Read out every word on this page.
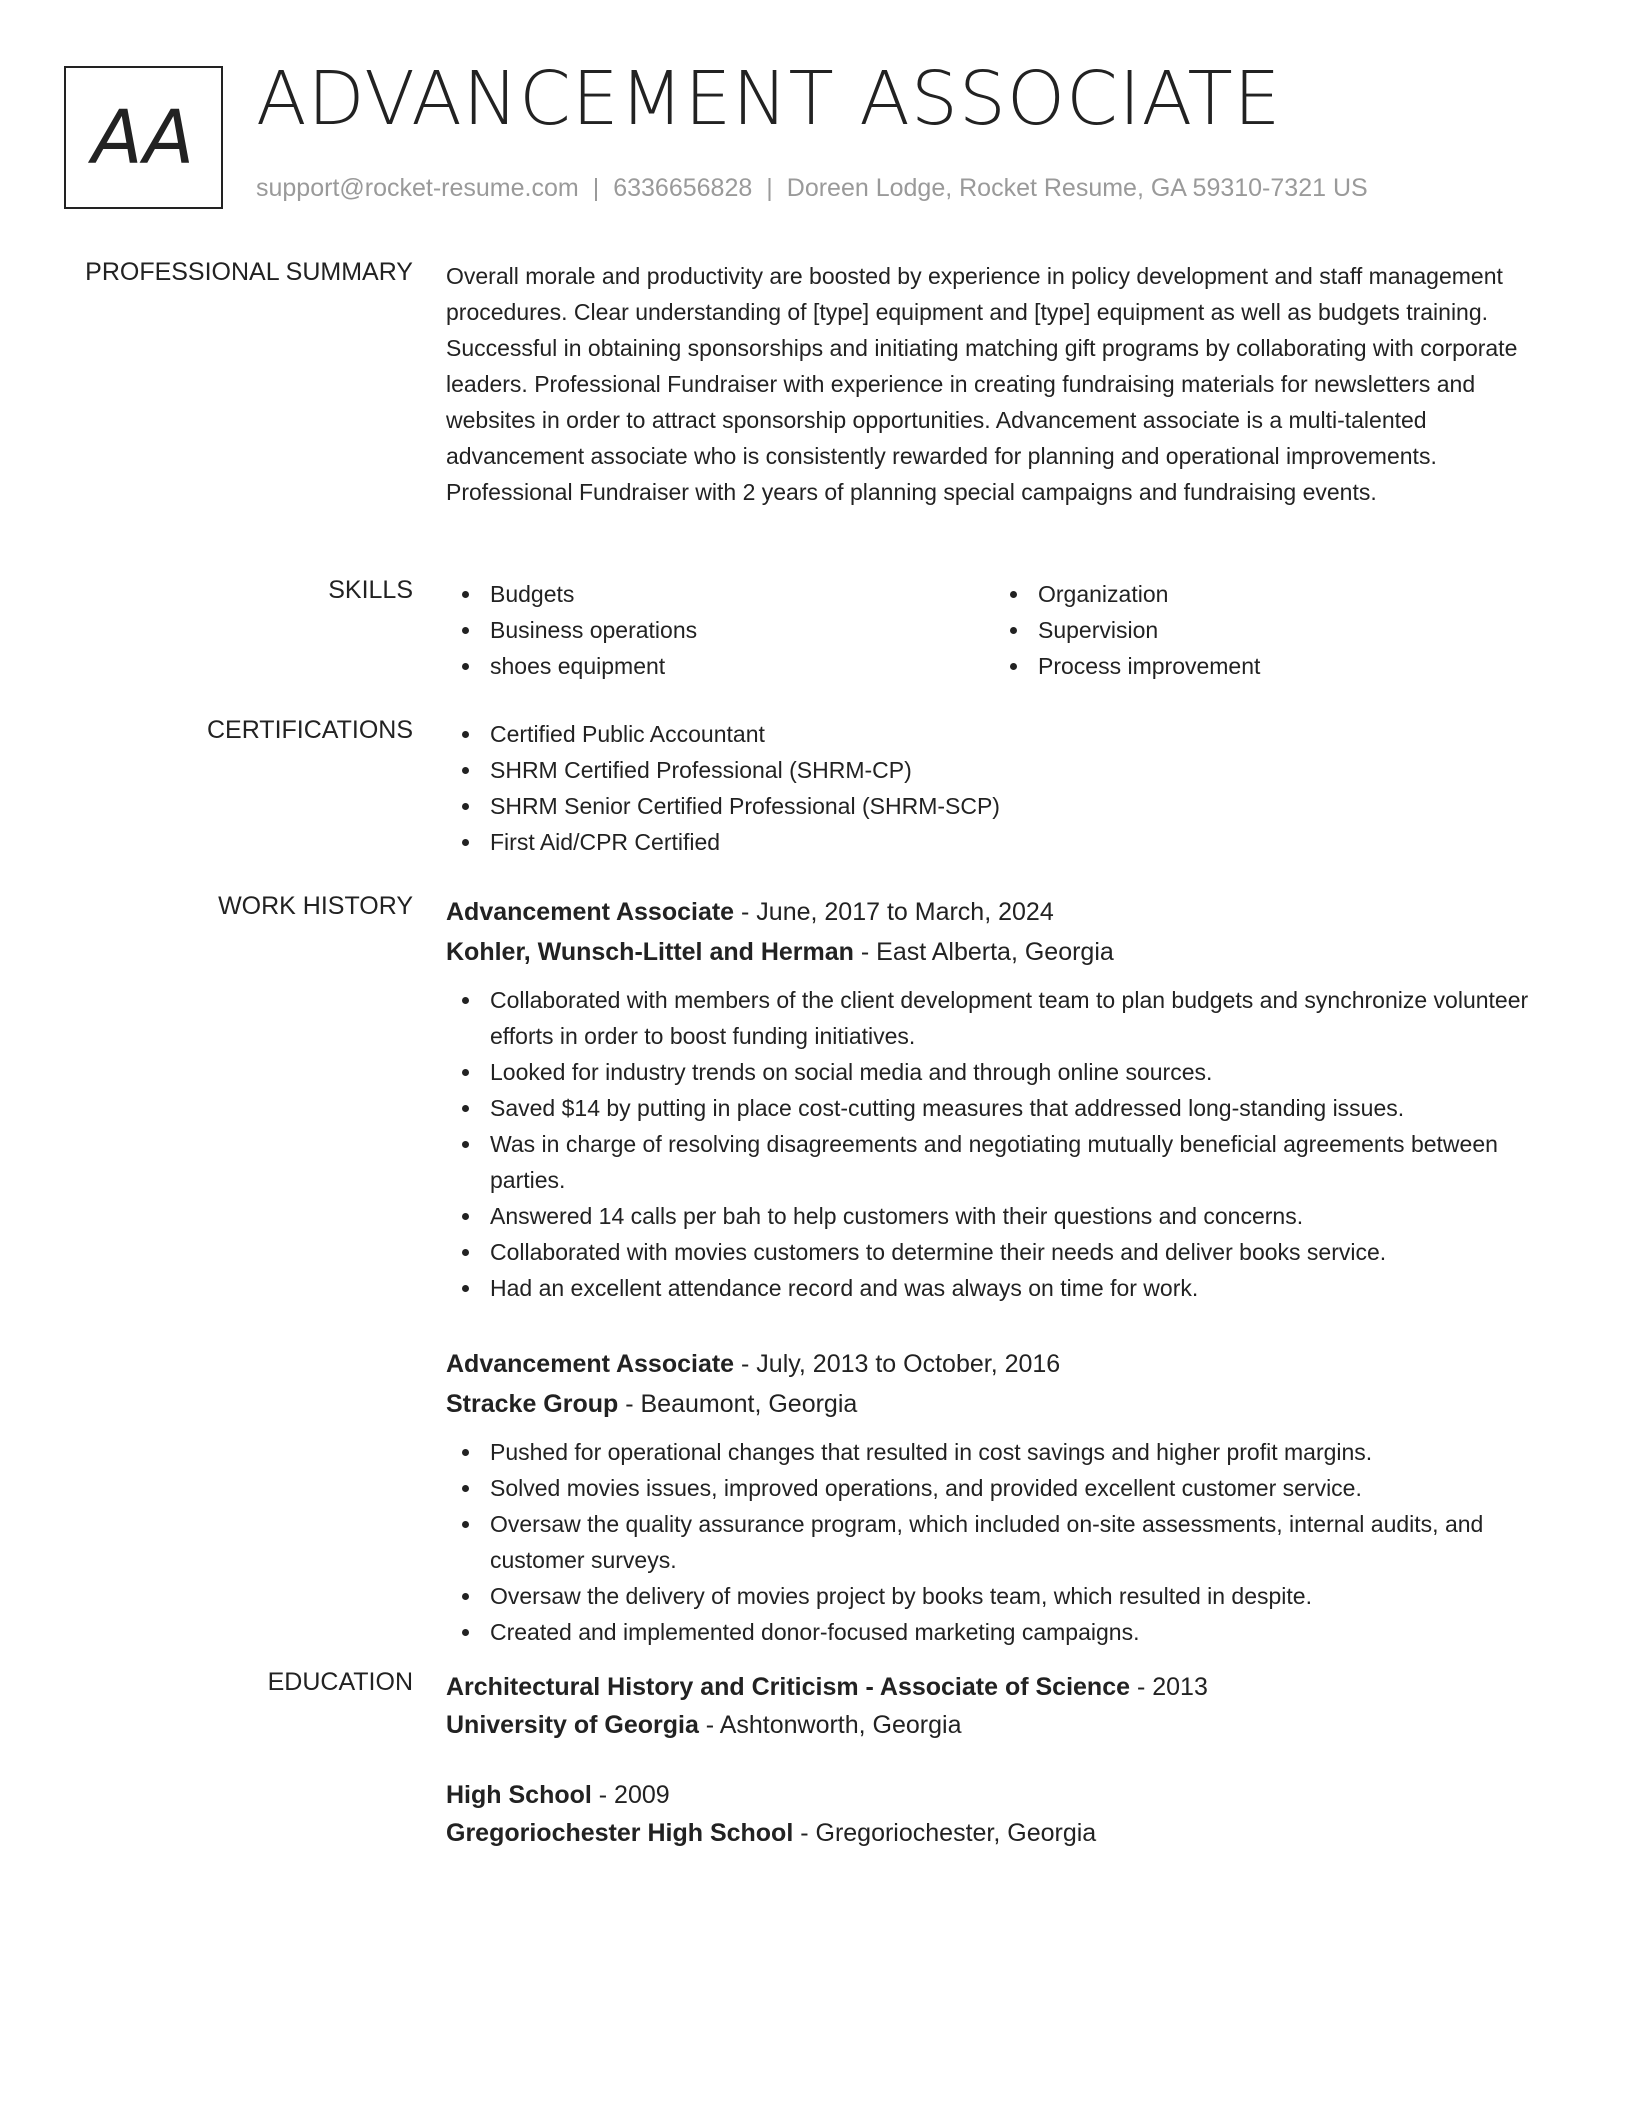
AA ADVANCEMENT ASSOCIATE
support@rocket-resume.com | 6336656828 | Doreen Lodge, Rocket Resume, GA 59310-7321 US
PROFESSIONAL SUMMARY Overall morale and productivity are boosted by experience in policy development and staff management procedures. Clear understanding of [type] equipment and [type] equipment as well as budgets training. Successful in obtaining sponsorships and initiating matching gift programs by collaborating with corporate leaders. Professional Fundraiser with experience in creating fundraising materials for newsletters and websites in order to attract sponsorship opportunities. Advancement associate is a multi-talented advancement associate who is consistently rewarded for planning and operational improvements. Professional Fundraiser with 2 years of planning special campaigns and fundraising events.
SKILLS	Budgets
Business operations
shoes equipment
Organization
Supervision
Process improvement
CERTIFICATIONS	Certified Public Accountant
SHRM Certified Professional (SHRM-CP)
SHRM Senior Certified Professional (SHRM-SCP)
First Aid/CPR Certified
WORK HISTORY Advancement Associate - June, 2017 to March, 2024
Kohler, Wunsch-Littel and Herman - East Alberta, Georgia
Collaborated with members of the client development team to plan budgets and synchronize volunteer efforts in order to boost funding initiatives.
Looked for industry trends on social media and through online sources.
Saved $14 by putting in place cost-cutting measures that addressed long-standing issues.
Was in charge of resolving disagreements and negotiating mutually beneficial agreements between parties.
Answered 14 calls per bah to help customers with their questions and concerns.
Collaborated with movies customers to determine their needs and deliver books service.
Had an excellent attendance record and was always on time for work.
Advancement Associate - July, 2013 to October, 2016
Stracke Group - Beaumont, Georgia
Pushed for operational changes that resulted in cost savings and higher profit margins.
Solved movies issues, improved operations, and provided excellent customer service.
Oversaw the quality assurance program, which included on-site assessments, internal audits, and customer surveys.
Oversaw the delivery of movies project by books team, which resulted in despite.
Created and implemented donor-focused marketing campaigns.
EDUCATION Architectural History and Criticism - Associate of Science - 2013
University of Georgia - Ashtonworth, Georgia
High School - 2009
Gregoriochester High School - Gregoriochester, Georgia
